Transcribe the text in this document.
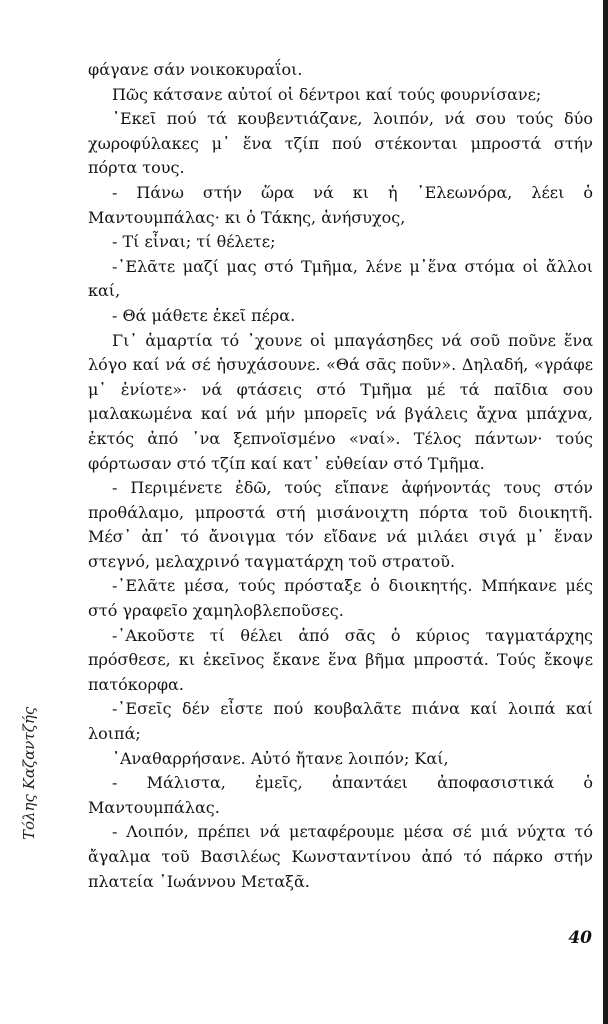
Τόλης Καζαντζής

φάγανε σάν νοικοκυραΐοι.

Πῶς κάτσανε αὐτοί οἱ δέντροι καί τούς φουρνίσανε;

᾿Εκεῖ πού τά κουβεντιάζανε, λοιπόν, νά σου τούς δύο χωροφύλακες μ᾿ ἕνα τζίπ πού στέκονται μπροστά στήν πόρτα τους.

- Πάνω στήν ὥρα νά κι ἡ ᾿Ελεωνόρα, λέει ὁ Μαντουμπάλας· κι ὁ Τάκης, ἀνήσυχος,

- Τί εἶναι; τί θέλετε;

-᾿Ελᾶτε μαζί μας στό Τμῆμα, λένε μ᾿ἕνα στόμα οἱ ἄλλοι καί,

- Θά μάθετε ἐκεῖ πέρα.

Γι᾿ ἁμαρτία τό ᾿χουνε οἱ μπαγάσηδες νά σοῦ ποῦνε ἕνα λόγο καί νά σέ ἡσυχάσουνε. «Θά σᾶς ποῦν». Δηλαδή, «γράφε μ᾿ ἐνίοτε»· νά φτάσεις στό Τμῆμα μέ τά παῖδια σου μαλακωμένα καί νά μήν μπορεῖς νά βγάλεις ἄχνα μπάχνα, ἐκτός ἀπό ᾿να ξεπνοϊσμένο «ναί». Τέλος πάντων· τούς φόρτωσαν στό τζίπ καί κατ᾿ εὐθείαν στό Τμῆμα.

- Περιμένετε ἐδῶ, τούς εἴπανε ἀφήνοντάς τους στόν προθάλαμο, μπροστά στή μισάνοιχτη πόρτα τοῦ διοικητῆ. Μέσ᾿ ἀπ᾿ τό ἄνοιγμα τόν εἴδανε νά μιλάει σιγά μ᾿ ἕναν στεγνό, μελαχρινό ταγματάρχη τοῦ στρατοῦ.

-᾿Ελᾶτε μέσα, τούς πρόσταξε ὁ διοικητής. Μπήκανε μές στό γραφεῖο χαμηλοβλεποῦσες.

-᾿Ακοῦστε τί θέλει ἀπό σᾶς ὁ κύριος ταγματάρχης πρόσθεσε, κι ἐκεῖνος ἔκανε ἕνα βῆμα μπροστά. Τούς ἔκοψε πατόκορφα.

-᾿Εσεῖς δέν εἶστε πού κουβαλᾶτε πιάνα καί λοιπά καί λοιπά;

᾿Αναθαρρήσανε. Αὐτό ἤτανε λοιπόν; Καί,

- Μάλιστα, ἐμεῖς, ἀπαντάει ἀποφασιστικά ὁ Μαντουμπάλας.

- Λοιπόν, πρέπει νά μεταφέρουμε μέσα σέ μιά νύχτα τό ἄγαλμα τοῦ Βασιλέως Κωνσταντίνου ἀπό τό πάρκο στήν πλατεία ᾿Ιωάννου Μεταξᾶ.

40
